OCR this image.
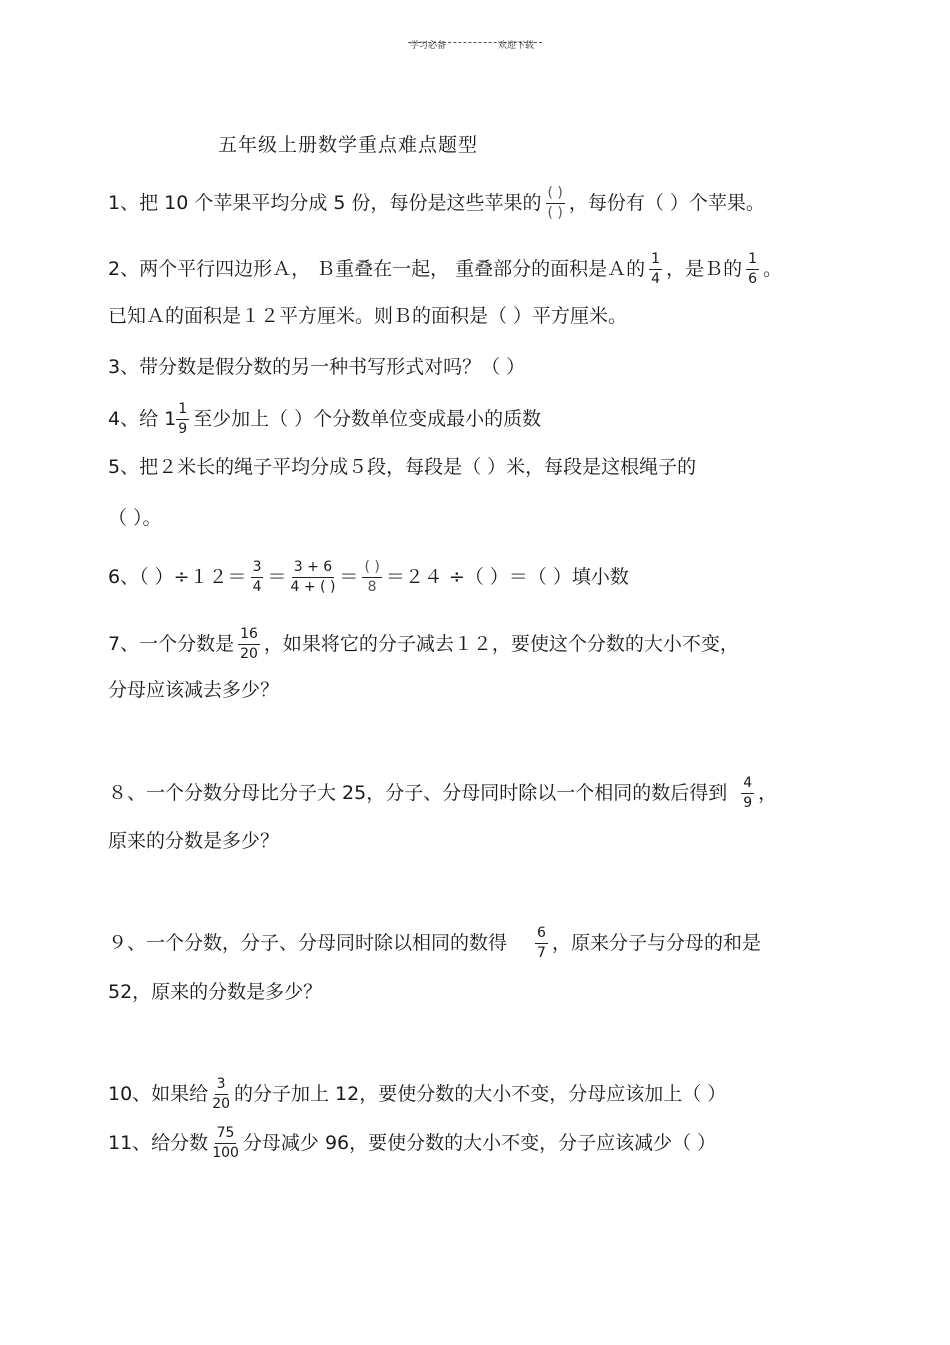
学习必备	欢迎下载
五年级上册数学重点难点题型
1、把 10 个苹果平均分成 5 份，每份是这些苹果的 $\frac{( )}{( )}$ ，每份有（ ）个苹果。
2、两个平行四边形Ａ， Ｂ重叠在一起， 重叠部分的面积是Ａ的 $\frac{1}{4}$ ，是Ｂ的 $\frac{1}{6}$ 。
已知Ａ的面积是１２平方厘米。则Ｂ的面积是（ ）平方厘米。
3、带分数是假分数的另一种书写形式对吗？（ ）
4、给 $1 \frac{1}{9}$ 至少加上（ ）个分数单位变成最小的质数
5、把２米长的绳子平均分成５段，每段是（ ）米，每段是这根绳子的
（ ）。
6、（ ）$\div 12= \frac{3}{4} = \frac{3 + 6}{4 + ( )} = \frac{( )}{8} =24$ ÷（ ）＝（ ）填小数
7、一个分数是 $\frac{16}{20}$ ，如果将它的分子减去１２，要使这个分数的大小不变，
分母应该减去多少？
８、一个分数分母比分子大 25，分子、分母同时除以一个相同的数后得到 $\frac{4}{9}$ ，
原来的分数是多少？
９、一个分数，分子、分母同时除以相同的数得 $\frac{6}{7}$ ，原来分子与分母的和是
52，原来的分数是多少？
10、如果给 $\frac{3}{20}$ 的分子加上 12，要使分数的大小不变，分母应该加上（ ）
11、给分数 $\frac{75}{100}$ 分母减少 96，要使分数的大小不变，分子应该减少（ ）
